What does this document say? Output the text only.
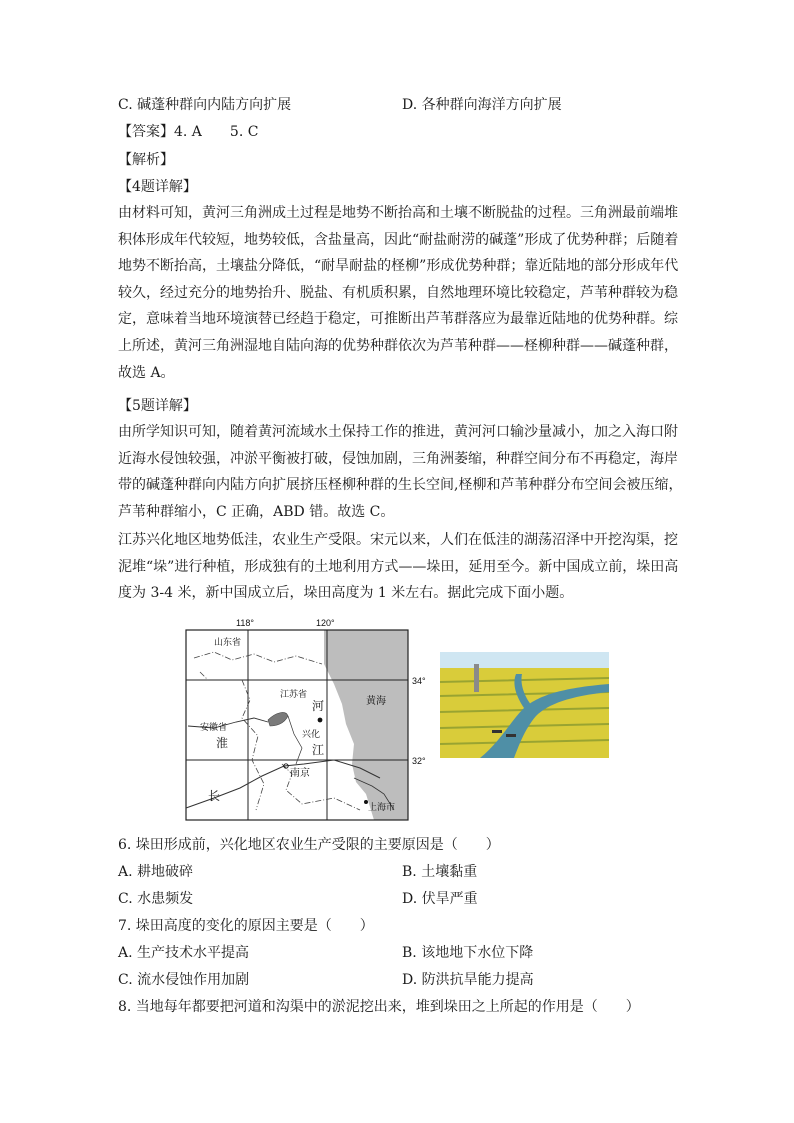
C. 碱蓬种群向内陆方向扩展	D. 各种群向海洋方向扩展
【答案】4. A　　5. C
【解析】
【4题详解】
由材料可知，黄河三角洲成土过程是地势不断抬高和土壤不断脱盐的过程。三角洲最前端堆
积体形成年代较短，地势较低，含盐量高，因此“耐盐耐涝的碱蓬”形成了优势种群；后随着
地势不断抬高，土壤盐分降低，“耐旱耐盐的柽柳”形成优势种群；靠近陆地的部分形成年代
较久，经过充分的地势抬升、脱盐、有机质积累，自然地理环境比较稳定，芦苇种群较为稳
定，意味着当地环境演替已经趋于稳定，可推断出芦苇群落应为最靠近陆地的优势种群。综
上所述，黄河三角洲湿地自陆向海的优势种群依次为芦苇种群——柽柳种群——碱蓬种群，
故选 A。
【5题详解】
由所学知识可知，随着黄河流域水土保持工作的推进，黄河河口输沙量减小，加之入海口附
近海水侵蚀较强，冲淤平衡被打破，侵蚀加剧，三角洲萎缩，种群空间分布不再稳定，海岸
带的碱蓬种群向内陆方向扩展挤压柽柳种群的生长空间,柽柳和芦苇种群分布空间会被压缩，
芦苇种群缩小，C 正确，ABD 错。故选 C。
江苏兴化地区地势低洼，农业生产受限。宋元以来，人们在低洼的湖荡沼泽中开挖沟渠，挖
泥堆“垛”进行种植，形成独有的土地利用方式——垛田，延用至今。新中国成立前，垛田高
度为 3-4 米，新中国成立后，垛田高度为 1 米左右。据此完成下面小题。
118°	120°
34°
32°
山东省
江苏省
安徽省
黄海
河
淮
兴化
江
南京
长
上海市
6. 垛田形成前，兴化地区农业生产受限的主要原因是（　　）
A. 耕地破碎	B. 土壤黏重
C. 水患频发	D. 伏旱严重
7. 垛田高度的变化的原因主要是（　　）
A. 生产技术水平提高	B. 该地地下水位下降
C. 流水侵蚀作用加剧	D. 防洪抗旱能力提高
8. 当地每年都要把河道和沟渠中的淤泥挖出来，堆到垛田之上所起的作用是（　　）
